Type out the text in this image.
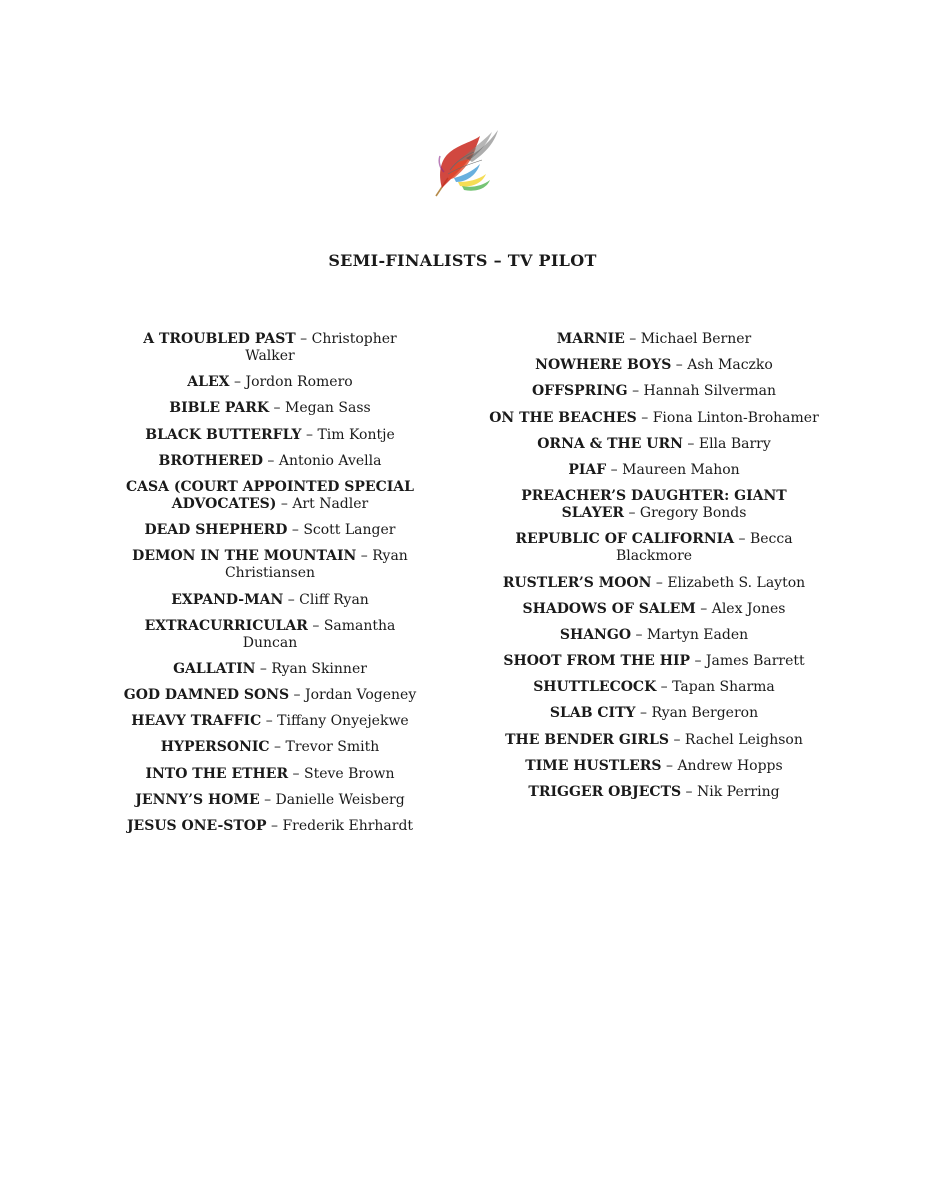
SEMI-FINALISTS – TV PILOT
A TROUBLED PAST – Christopher Walker
ALEX – Jordon Romero
BIBLE PARK – Megan Sass
BLACK BUTTERFLY – Tim Kontje
BROTHERED – Antonio Avella
CASA (COURT APPOINTED SPECIAL ADVOCATES) – Art Nadler
DEAD SHEPHERD – Scott Langer
DEMON IN THE MOUNTAIN – Ryan Christiansen
EXPAND-MAN – Cliff Ryan
EXTRACURRICULAR – Samantha Duncan
GALLATIN – Ryan Skinner
GOD DAMNED SONS – Jordan Vogeney
HEAVY TRAFFIC – Tiffany Onyejekwe
HYPERSONIC – Trevor Smith
INTO THE ETHER – Steve Brown
JENNY’S HOME – Danielle Weisberg
JESUS ONE-STOP – Frederik Ehrhardt
MARNIE – Michael Berner
NOWHERE BOYS – Ash Maczko
OFFSPRING – Hannah Silverman
ON THE BEACHES – Fiona Linton-Brohamer
ORNA & THE URN – Ella Barry
PIAF – Maureen Mahon
PREACHER’S DAUGHTER: GIANT SLAYER – Gregory Bonds
REPUBLIC OF CALIFORNIA – Becca Blackmore
RUSTLER’S MOON – Elizabeth S. Layton
SHADOWS OF SALEM – Alex Jones
SHANGO – Martyn Eaden
SHOOT FROM THE HIP – James Barrett
SHUTTLECOCK – Tapan Sharma
SLAB CITY – Ryan Bergeron
THE BENDER GIRLS – Rachel Leighson
TIME HUSTLERS – Andrew Hopps
TRIGGER OBJECTS – Nik Perring
